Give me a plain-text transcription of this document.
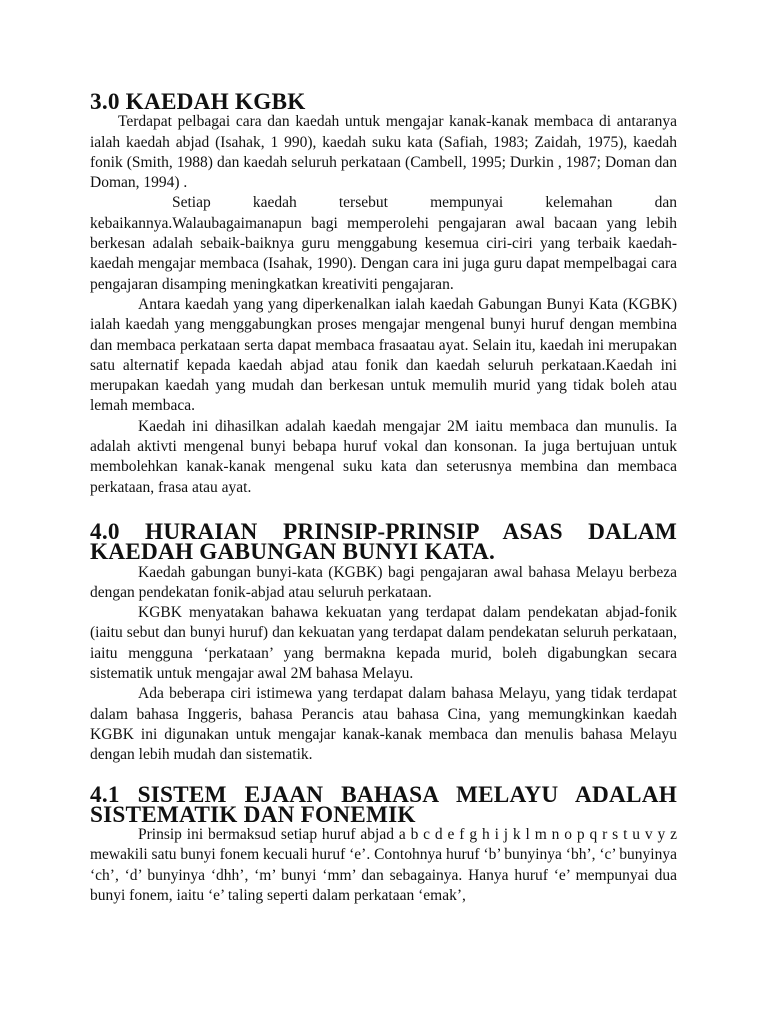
3.0 KAEDAH KGBK

Terdapat pelbagai cara dan kaedah untuk mengajar kanak-kanak membaca di antaranya ialah kaedah abjad (Isahak, 1 990), kaedah suku kata (Safiah, 1983; Zaidah, 1975), kaedah fonik (Smith, 1988) dan kaedah seluruh perkataan (Cambell, 1995; Durkin , 1987; Doman dan Doman, 1994) .

Setiap kaedah tersebut mempunyai kelemahan dan kebaikannya.Walaubagaimanapun bagi memperolehi pengajaran awal bacaan yang lebih berkesan adalah sebaik-baiknya guru menggabung kesemua ciri-ciri yang terbaik kaedah-kaedah mengajar membaca (Isahak, 1990). Dengan cara ini juga guru dapat mempelbagai cara pengajaran disamping meningkatkan kreativiti pengajaran.

Antara kaedah yang yang diperkenalkan ialah kaedah Gabungan Bunyi Kata (KGBK) ialah kaedah yang menggabungkan proses mengajar mengenal bunyi huruf dengan membina dan membaca perkataan serta dapat membaca frasaatau ayat. Selain itu, kaedah ini merupakan satu alternatif kepada kaedah abjad atau fonik dan kaedah seluruh perkataan.Kaedah ini merupakan kaedah yang mudah dan berkesan untuk memulih murid yang tidak boleh atau lemah membaca.

Kaedah ini dihasilkan adalah kaedah mengajar 2M iaitu membaca dan munulis. Ia adalah aktivti mengenal bunyi bebapa huruf vokal dan konsonan. Ia juga bertujuan untuk membolehkan kanak-kanak mengenal suku kata dan seterusnya membina dan membaca perkataan, frasa atau ayat.

4.0 HURAIAN PRINSIP-PRINSIP ASAS DALAM KAEDAH GABUNGAN BUNYI KATA.

Kaedah gabungan bunyi-kata (KGBK) bagi pengajaran awal bahasa Melayu berbeza dengan pendekatan fonik-abjad atau seluruh perkataan.

KGBK menyatakan bahawa kekuatan yang terdapat dalam pendekatan abjad-fonik (iaitu sebut dan bunyi huruf) dan kekuatan yang terdapat dalam pendekatan seluruh perkataan, iaitu mengguna ‘perkataan’ yang bermakna kepada murid, boleh digabungkan secara sistematik untuk mengajar awal 2M bahasa Melayu.

Ada beberapa ciri istimewa yang terdapat dalam bahasa Melayu, yang tidak terdapat dalam bahasa Inggeris, bahasa Perancis atau bahasa Cina, yang memungkinkan kaedah KGBK ini digunakan untuk mengajar kanak-kanak membaca dan menulis bahasa Melayu dengan lebih mudah dan sistematik.

4.1 SISTEM EJAAN BAHASA MELAYU ADALAH SISTEMATIK DAN FONEMIK

Prinsip ini bermaksud setiap huruf abjad a b c d e f g h i j k l m n o p q r s t u v y z mewakili satu bunyi fonem kecuali huruf ‘e’. Contohnya huruf ‘b’ bunyinya ‘bh’, ‘c’ bunyinya ‘ch’, ‘d’ bunyinya ‘dhh’, ‘m’ bunyi ‘mm’ dan sebagainya. Hanya huruf ‘e’ mempunyai dua bunyi fonem, iaitu ‘e’ taling seperti dalam perkataan ‘emak’,
